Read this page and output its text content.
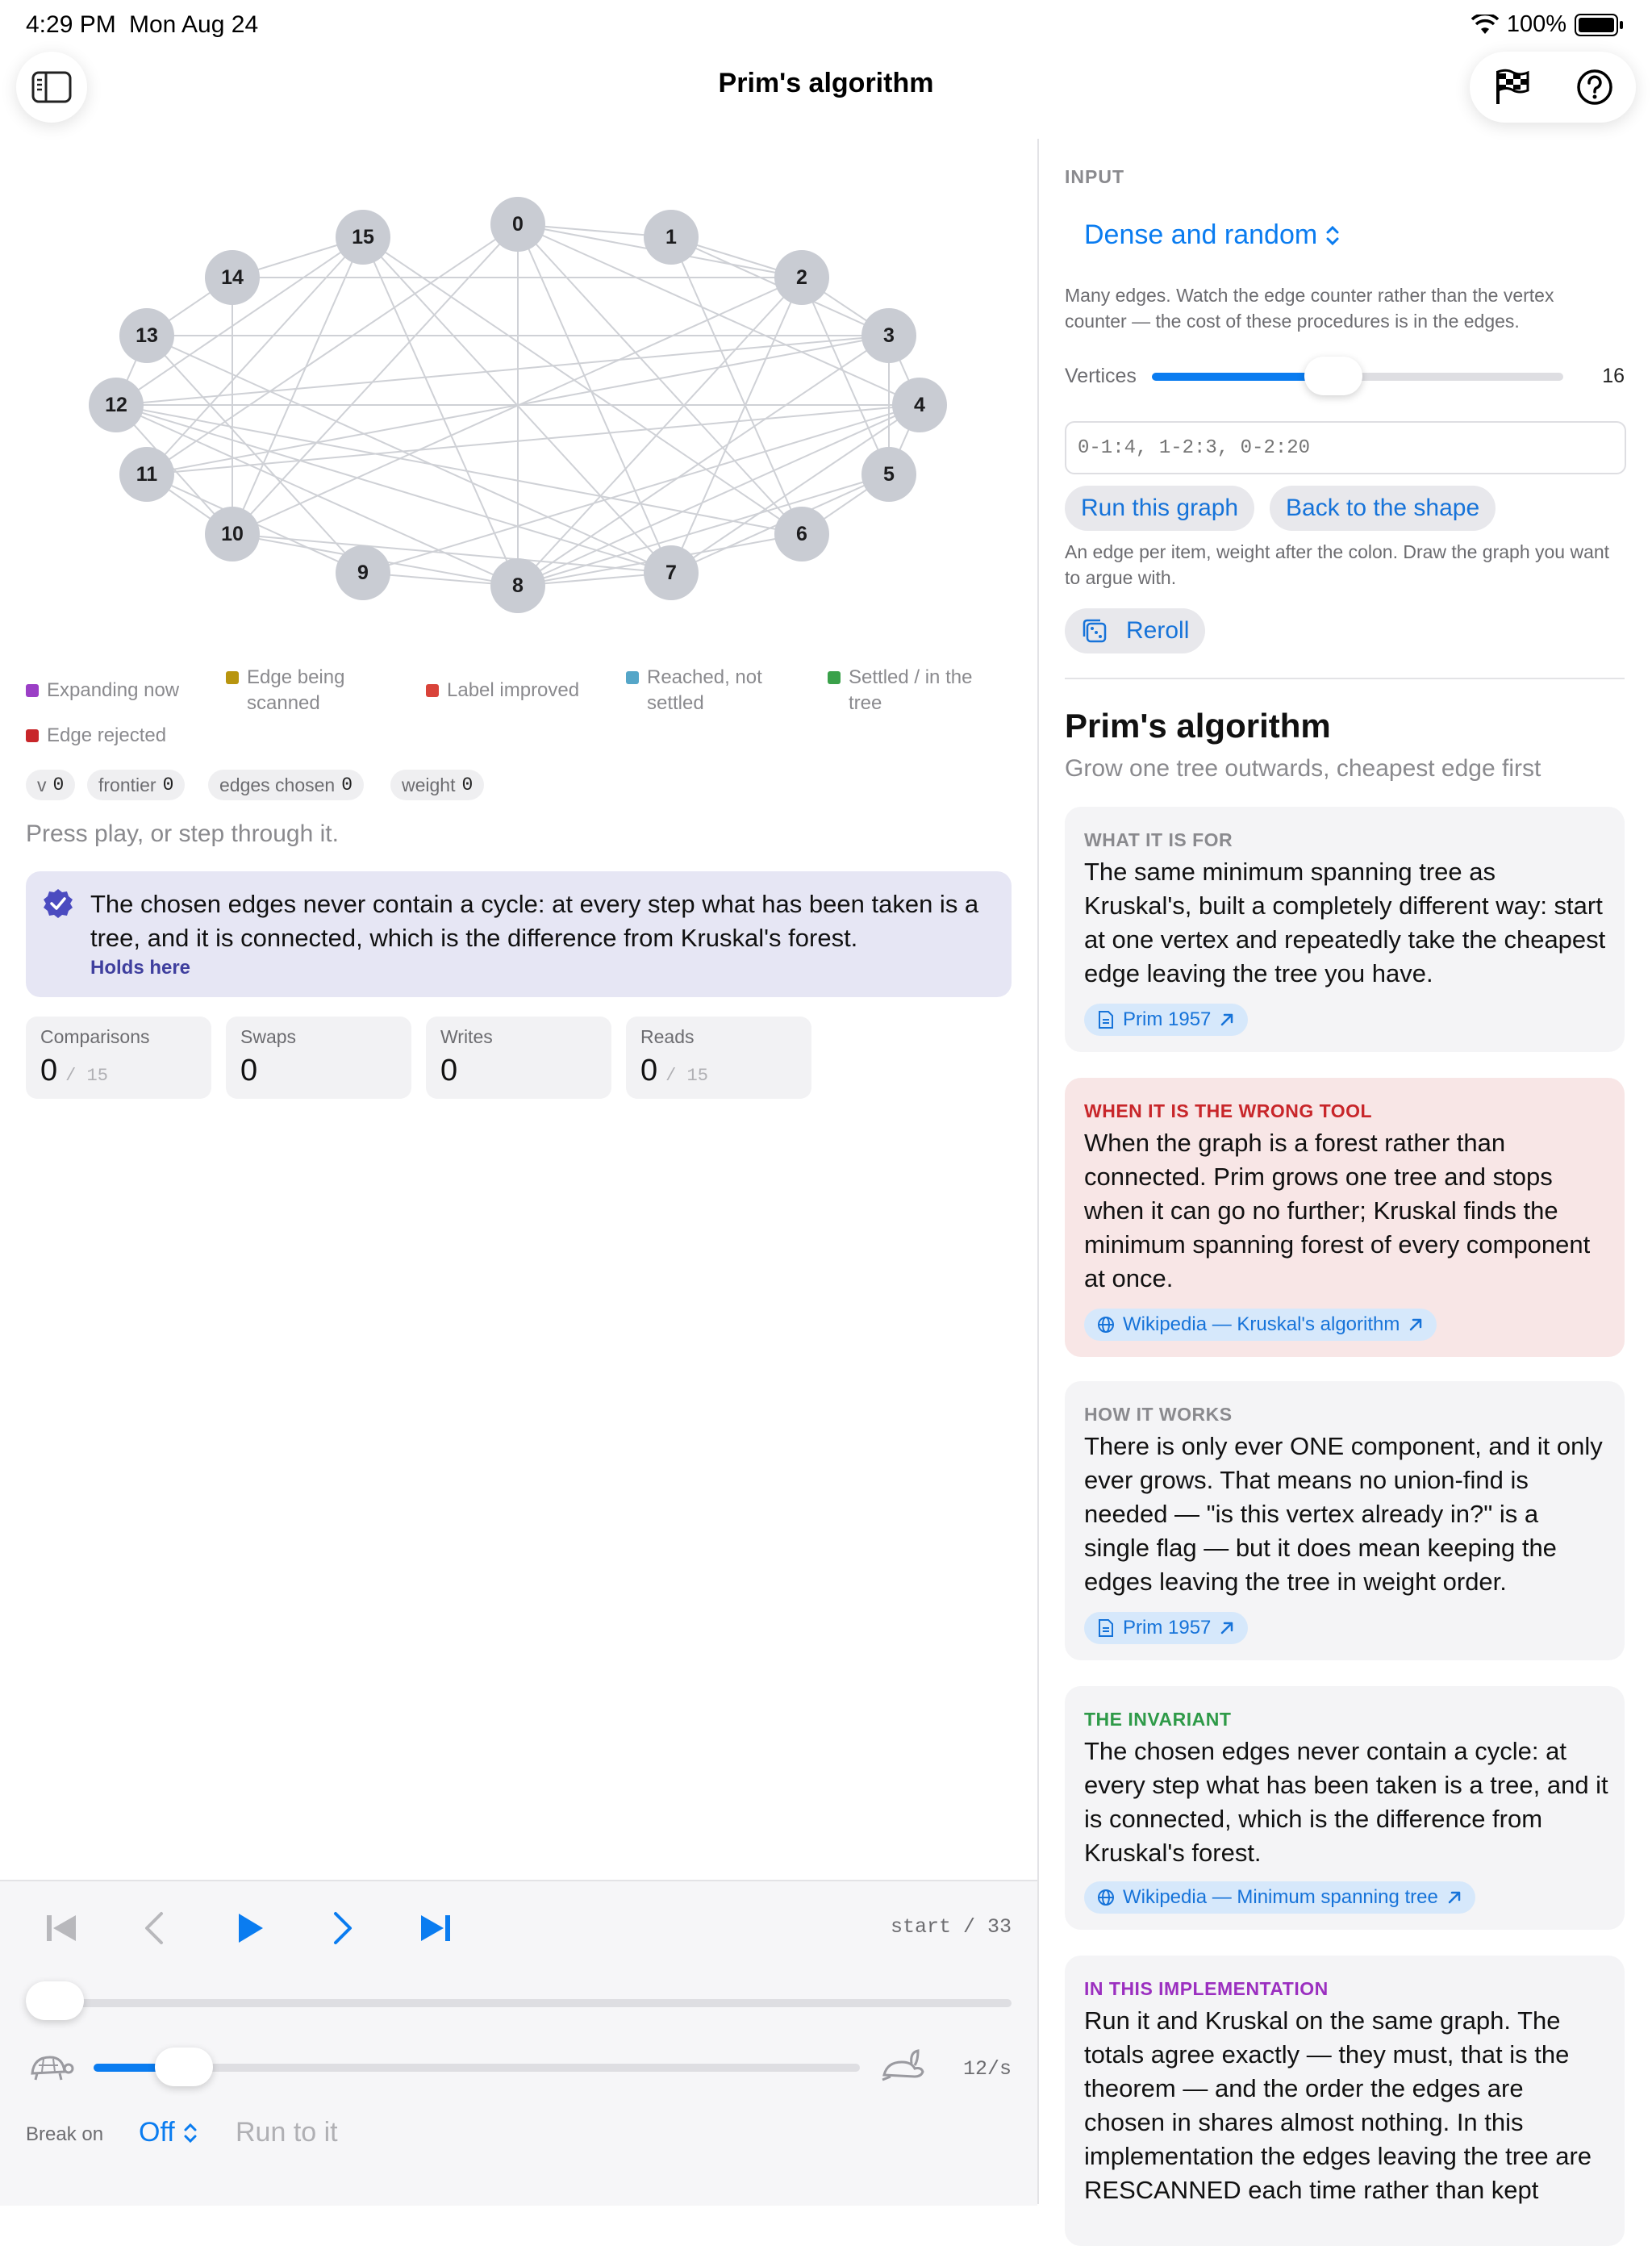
4:29 PM Mon Aug 24	100%
Prim's algorithm
0
1
2
3
4
5
6
7
8
9
10
11
12
13
14
15
Expanding now
Edge being scanned
Label improved
Reached, not settled
Settled / in the tree
Edge rejected
v 0 frontier 0 edges chosen 0	weight 0
Press play, or step through it.
The chosen edges never contain a cycle: at every step what has been taken is a tree, and it is connected, which is the difference from Kruskal's forest.
Holds here
Comparisons
0 / 15
Swaps
0
Writes
0
Reads
0 / 15
start / 33
12/s
Break on Off Run to it
INPUT
Dense and random
Many edges. Watch the edge counter rather than the vertex counter — the cost of these procedures is in the edges.
Vertices	16
0-1:4, 1-2:3, 0-2:20
Run this graph	Back to the shape
An edge per item, weight after the colon. Draw the graph you want to argue with.
Reroll
Prim's algorithm
Grow one tree outwards, cheapest edge first
WHAT IT IS FOR
The same minimum spanning tree as Kruskal's, built a completely different way: start at one vertex and repeatedly take the cheapest edge leaving the tree you have.
Prim 1957
WHEN IT IS THE WRONG TOOL
When the graph is a forest rather than connected. Prim grows one tree and stops when it can go no further; Kruskal finds the minimum spanning forest of every component at once.
Wikipedia — Kruskal's algorithm
HOW IT WORKS
There is only ever ONE component, and it only ever grows. That means no union-find is needed — "is this vertex already in?" is a single flag — but it does mean keeping the edges leaving the tree in weight order.
Prim 1957
THE INVARIANT
The chosen edges never contain a cycle: at every step what has been taken is a tree, and it is connected, which is the difference from Kruskal's forest.
Wikipedia — Minimum spanning tree
IN THIS IMPLEMENTATION
Run it and Kruskal on the same graph. The totals agree exactly — they must, that is the theorem — and the order the edges are chosen in shares almost nothing. In this implementation the edges leaving the tree are RESCANNED each time rather than kept
